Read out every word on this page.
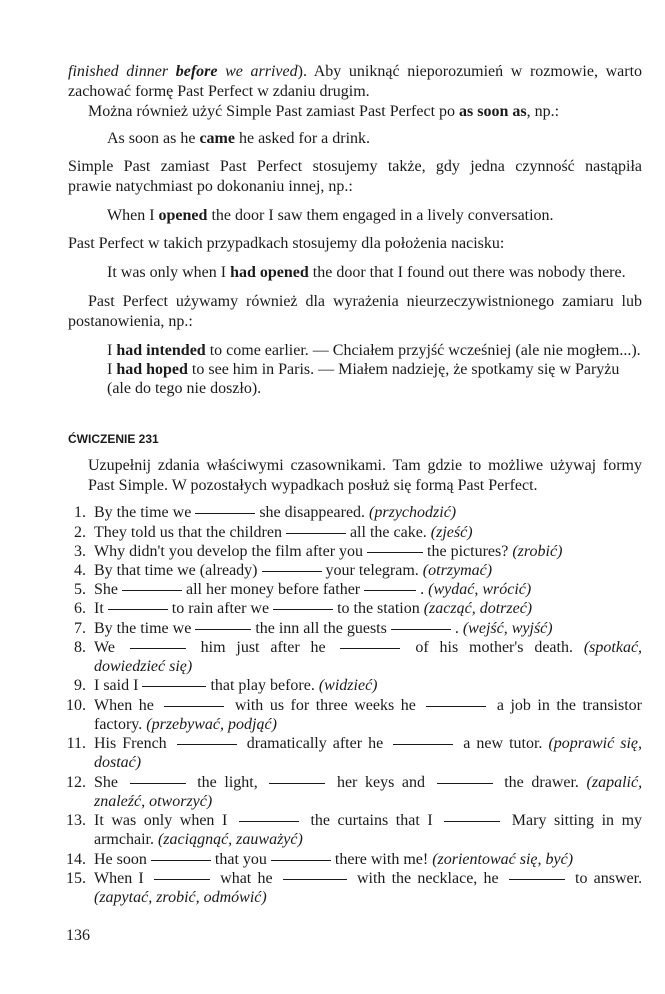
finished dinner before we arrived). Aby uniknąć nieporozumień w rozmowie, warto
zachować formę Past Perfect w zdaniu drugim.
Można również użyć Simple Past zamiast Past Perfect po as soon as, np.:
As soon as he came he asked for a drink.
Simple Past zamiast Past Perfect stosujemy także, gdy jedna czynność nastąpiła
prawie natychmiast po dokonaniu innej, np.:
When I opened the door I saw them engaged in a lively conversation.
Past Perfect w takich przypadkach stosujemy dla położenia nacisku:
It was only when I had opened the door that I found out there was nobody there.
Past Perfect używamy również dla wyrażenia nieurzeczywistnionego zamiaru lub
postanowienia, np.:
I had intended to come earlier. — Chciałem przyjść wcześniej (ale nie mogłem...).
I had hoped to see him in Paris. — Miałem nadzieję, że spotkamy się w Paryżu
(ale do tego nie doszło).
ĆWICZENIE 231
Uzupełnij zdania właściwymi czasownikami. Tam gdzie to możliwe używaj formy
Past Simple. W pozostałych wypadkach posłuż się formą Past Perfect.
1. By the time we	she disappeared. (przychodzić)
2. They told us that the children	all the cake. (zjeść)
3. Why didn't you develop the film after you	the pictures? (zrobić)
4. By that time we (already)	your telegram. (otrzymać)
5. She	all her money before father	. (wydać, wrócić)
6. It	to rain after we	to the station (zacząć, dotrzeć)
7. By the time we	the inn all the guests	. (wejść, wyjść)
8. We	him just after he	of his mother's death. (spotkać,
dowiedzieć się)
9. I said I	that play before. (widzieć)
10. When he	with us for three weeks he	a job in the transistor
factory. (przebywać, podjąć)
11. His French	dramatically after he	a new tutor. (poprawić się,
dostać)
12. She	the light,	her keys and	the drawer. (zapalić,
znaleźć, otworzyć)
13. It was only when I	the curtains that I	Mary sitting in my
armchair. (zaciągnąć, zauważyć)
14. He soon	that you	there with me! (zorientować się, być)
15. When I	what he	with the necklace, he	to answer.
(zapytać, zrobić, odmówić)
136
